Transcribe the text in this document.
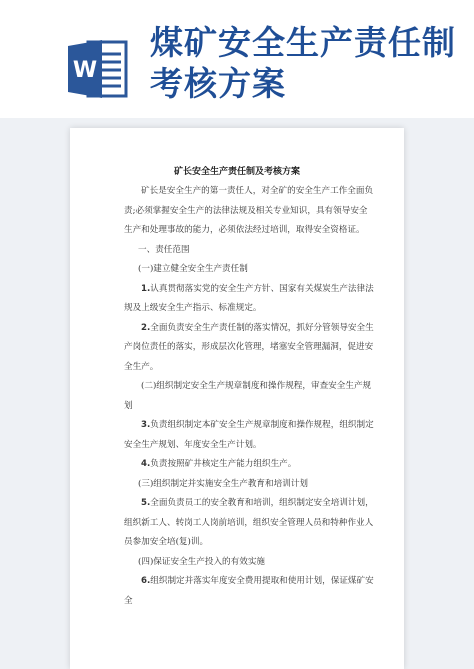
W
煤矿安全生产责任制考核方案
矿长安全生产责任制及考核方案

矿长是安全生产的第一责任人，对全矿的安全生产工作全面负责;必须掌握安全生产的法律法规及相关专业知识，具有领导安全生产和处理事故的能力，必须依法经过培训，取得安全资格证。

一、责任范围

(一)建立健全安全生产责任制

1.认真贯彻落实党的安全生产方针、国家有关煤炭生产法律法规及上级安全生产指示、标准规定。

2.全面负责安全生产责任制的落实情况，抓好分管领导安全生产岗位责任的落实，形成层次化管理，堵塞安全管理漏洞，促进安全生产。

(二)组织制定安全生产规章制度和操作规程，审查安全生产规划

3.负责组织制定本矿安全生产规章制度和操作规程，组织制定安全生产规划、年度安全生产计划。

4.负责按照矿井核定生产能力组织生产。

(三)组织制定并实施安全生产教育和培训计划

5.全面负责员工的安全教育和培训，组织制定安全培训计划，组织新工人、转岗工人岗前培训，组织安全管理人员和特种作业人员参加安全培(复)训。

(四)保证安全生产投入的有效实施

6.组织制定并落实年度安全费用提取和使用计划，保证煤矿安全
